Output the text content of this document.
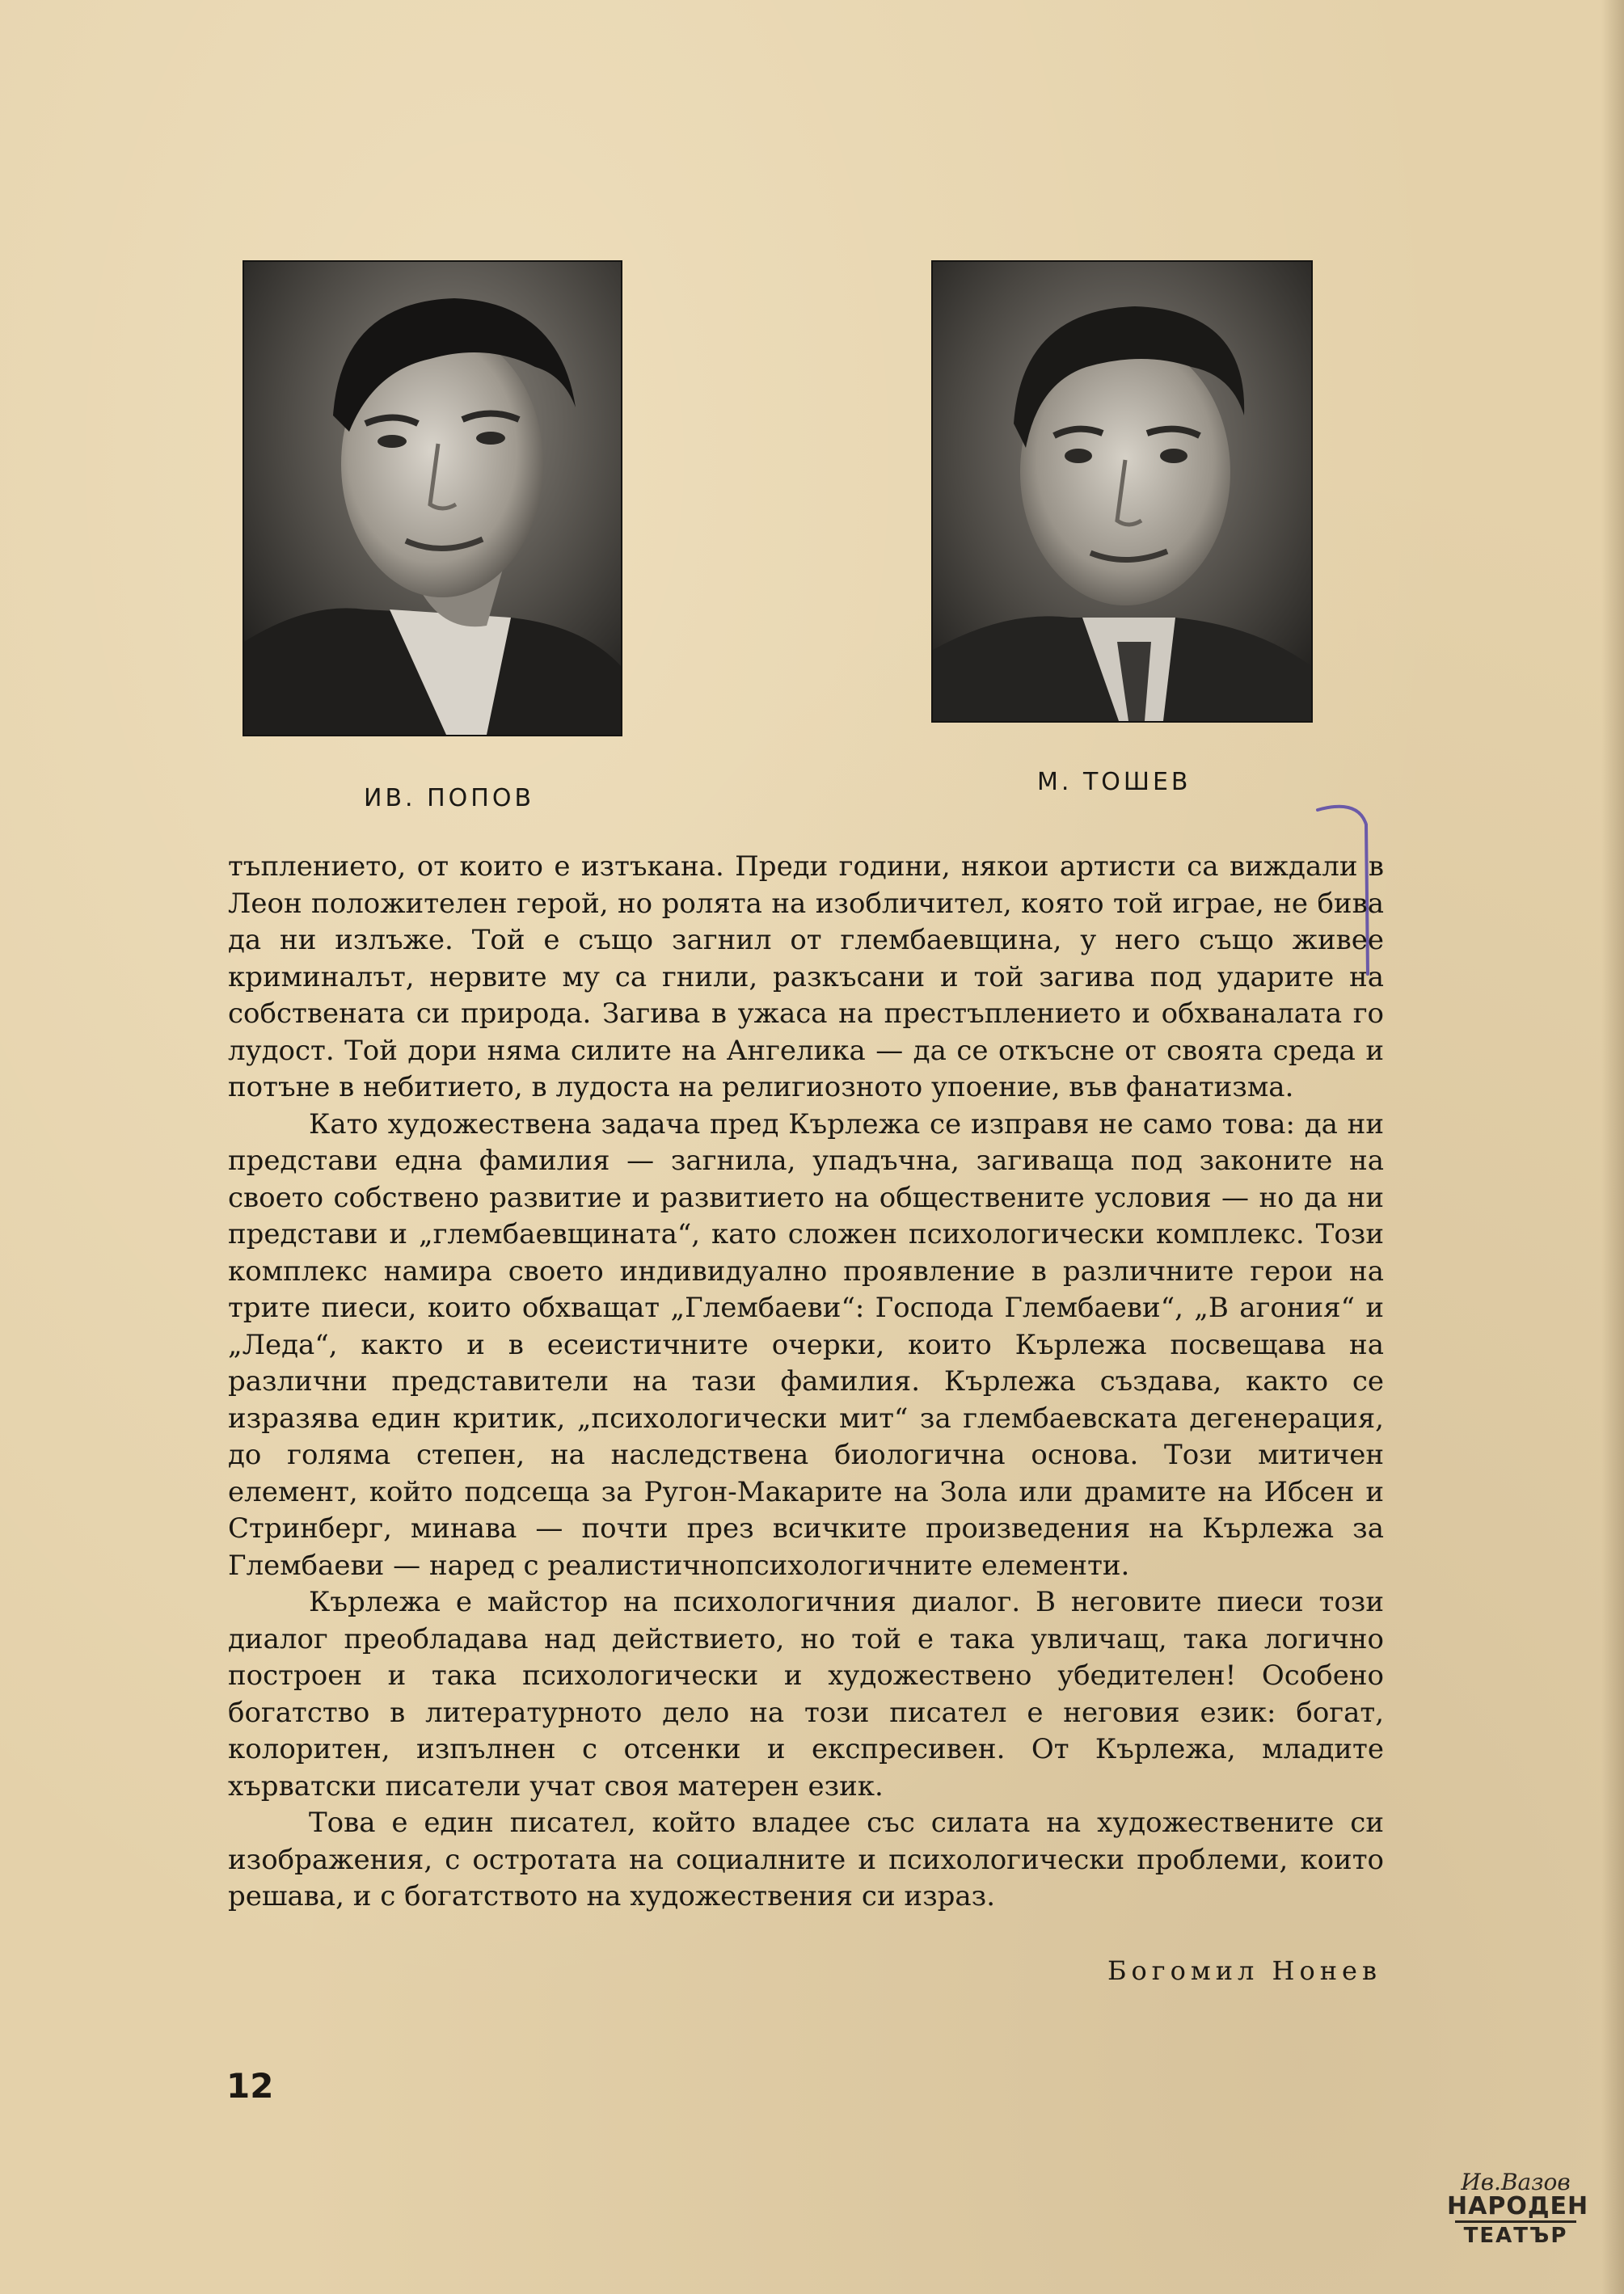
ИВ. ПОПОВ
М. ТОШЕВ

тъплението, от които е изтъкана. Преди години, някои артисти са виждали в Леон положителен герой, но ролята на изобличител, която той играе, не бива да ни излъже. Той е също загнил от глембаевщина, у него също живее криминалът, нервите му са гнили, разкъсани и той загива под ударите на собствената си природа. Загива в ужаса на престъплението и обхваналата го лудост. Той дори няма силите на Ангелика — да се откъсне от своята среда и потъне в небитието, в лудоста на религиозното упоение, във фанатизма.

Като художествена задача пред Кърлежа се изправя не само това: да ни представи една фамилия — загнила, упадъчна, загиваща под законите на своето собствено развитие и развитието на обществените условия — но да ни представи и „глембаевщината“, като сложен психологически комплекс. Този комплекс намира своето индивидуално проявление в различните герои на трите пиеси, които обхващат „Глембаеви“: Господа Глембаеви“, „В агония“ и „Леда“, както и в есеистичните очерки, които Кърлежа посвещава на различни представители на тази фамилия. Кърлежа създава, както се изразява един критик, „психологически мит“ за глембаевската дегенерация, до голяма степен, на наследствена биологична основа. Този митичен елемент, който подсеща за Ругон-Макарите на Зола или драмите на Ибсен и Стринберг, минава — почти през всичките произведения на Кърлежа за Глембаеви — наред с реалистичнопсихологичните елементи.

Кърлежа е майстор на психологичния диалог. В неговите пиеси този диалог преобладава над действието, но той е така увличащ, така логично построен и така психологически и художествено убедителен! Особено богатство в литературното дело на този писател е неговия език: богат, колоритен, изпълнен с отсенки и експресивен. От Кърлежа, младите хърватски писатели учат своя матерен език.

Това е един писател, който владее със силата на художествените си изображения, с остротата на социалните и психологически проблеми, които решава, и с богатството на художествения си израз.

Богомил Нонев
12
Ив.Вазов
НАРОДЕН
ТЕАТЪР
